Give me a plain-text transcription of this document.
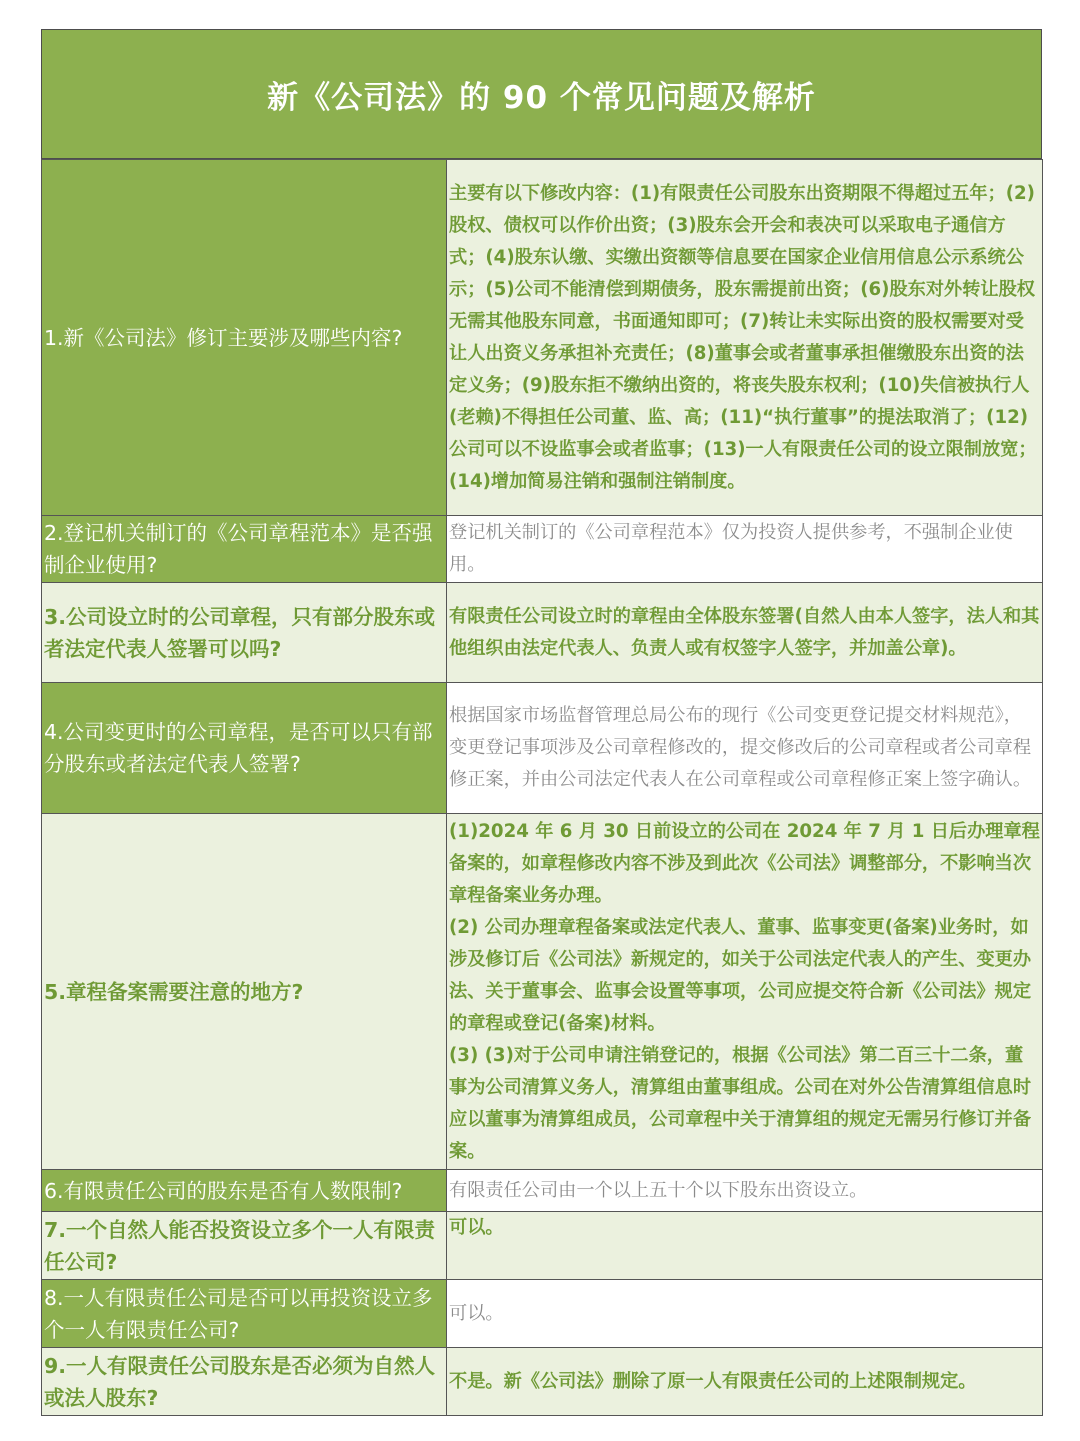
新《公司法》的 90 个常见问题及解析
1.新《公司法》修订主要涉及哪些内容?	主要有以下修改内容：(1)有限责任公司股东出资期限不得超过五年；(2)股权、债权可以作价出资；(3)股东会开会和表决可以采取电子通信方式；(4)股东认缴、实缴出资额等信息要在国家企业信用信息公示系统公示；(5)公司不能清偿到期债务，股东需提前出资；(6)股东对外转让股权无需其他股东同意，书面通知即可；(7)转让未实际出资的股权需要对受让人出资义务承担补充责任；(8)董事会或者董事承担催缴股东出资的法定义务；(9)股东拒不缴纳出资的，将丧失股东权利；(10)失信被执行人(老赖)不得担任公司董、监、高；(11)“执行董事”的提法取消了；(12)公司可以不设监事会或者监事；(13)一人有限责任公司的设立限制放宽；(14)增加简易注销和强制注销制度。

2.登记机关制订的《公司章程范本》是否强制企业使用?	登记机关制订的《公司章程范本》仅为投资人提供参考，不强制企业使用。

3.公司设立时的公司章程，只有部分股东或者法定代表人签署可以吗?	有限责任公司设立时的章程由全体股东签署(自然人由本人签字，法人和其他组织由法定代表人、负责人或有权签字人签字，并加盖公章)。

4.公司变更时的公司章程，是否可以只有部分股东或者法定代表人签署?	根据国家市场监督管理总局公布的现行《公司变更登记提交材料规范》，变更登记事项涉及公司章程修改的，提交修改后的公司章程或者公司章程修正案，并由公司法定代表人在公司章程或公司章程修正案上签字确认。

5.章程备案需要注意的地方?	(1)2024 年 6 月 30 日前设立的公司在 2024 年 7 月 1 日后办理章程备案的，如章程修改内容不涉及到此次《公司法》调整部分，不影响当次章程备案业务办理。
(2) 公司办理章程备案或法定代表人、董事、监事变更(备案)业务时，如涉及修订后《公司法》新规定的，如关于公司法定代表人的产生、变更办法、关于董事会、监事会设置等事项，公司应提交符合新《公司法》规定的章程或登记(备案)材料。
(3) (3)对于公司申请注销登记的，根据《公司法》第二百三十二条，董事为公司清算义务人，清算组由董事组成。公司在对外公告清算组信息时应以董事为清算组成员，公司章程中关于清算组的规定无需另行修订并备案。

6.有限责任公司的股东是否有人数限制?	有限责任公司由一个以上五十个以下股东出资设立。

7.一个自然人能否投资设立多个一人有限责任公司?	可以。

8.一人有限责任公司是否可以再投资设立多个一人有限责任公司?	可以。

9.一人有限责任公司股东是否必须为自然人或法人股东?	不是。新《公司法》删除了原一人有限责任公司的上述限制规定。
